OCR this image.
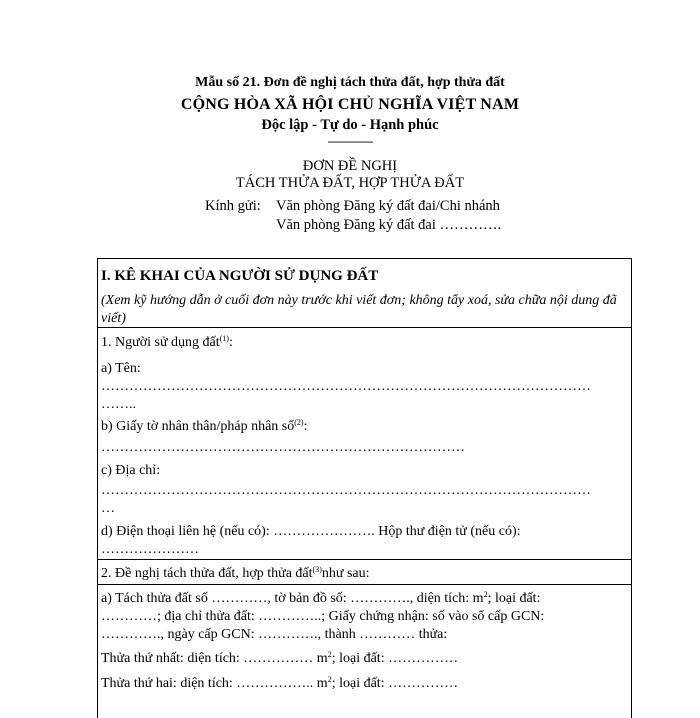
Mẫu số 21. Đơn đề nghị tách thửa đất, hợp thửa đất
CỘNG HÒA XÃ HỘI CHỦ NGHĨA VIỆT NAM
Độc lập - Tự do - Hạnh phúc
---------------
ĐƠN ĐỀ NGHỊ
TÁCH THỬA ĐẤT, HỢP THỬA ĐẤT
Kính gửi: Văn phòng Đăng ký đất đai/Chi nhánh
Văn phòng Đăng ký đất đai ………….
I. KÊ KHAI CỦA NGƯỜI SỬ DỤNG ĐẤT
(Xem kỹ hướng dẫn ở cuối đơn này trước khi viết đơn; không tẩy xoá, sửa chữa nội dung đã viết)
1. Người sử dụng đất$^{(1)}$:
a) Tên:
……………………………………………………………………………………………
……..
b) Giấy tờ nhân thân/pháp nhân số$^{(2)}$:
……………………………………………………………………
c) Địa chỉ:
……………………………………………………………………………………………
…
d) Điện thoại liên hệ (nếu có): …………………. Hộp thư điện tử (nếu có):
…………………
2. Đề nghị tách thửa đất, hợp thửa đất$^{(3)}$như sau:
a) Tách thửa đất số …………, tờ bản đồ số: …………., diện tích: $m^2$; loại đất:
…………; địa chỉ thửa đất: …………..; Giấy chứng nhận: số vào sổ cấp GCN:
…………., ngày cấp GCN: …………., thành ………… thửa:
Thửa thứ nhất: diện tích: …………… $m^2$; loại đất: ……………
Thửa thứ hai: diện tích: …………….. $m^2$; loại đất: ……………
